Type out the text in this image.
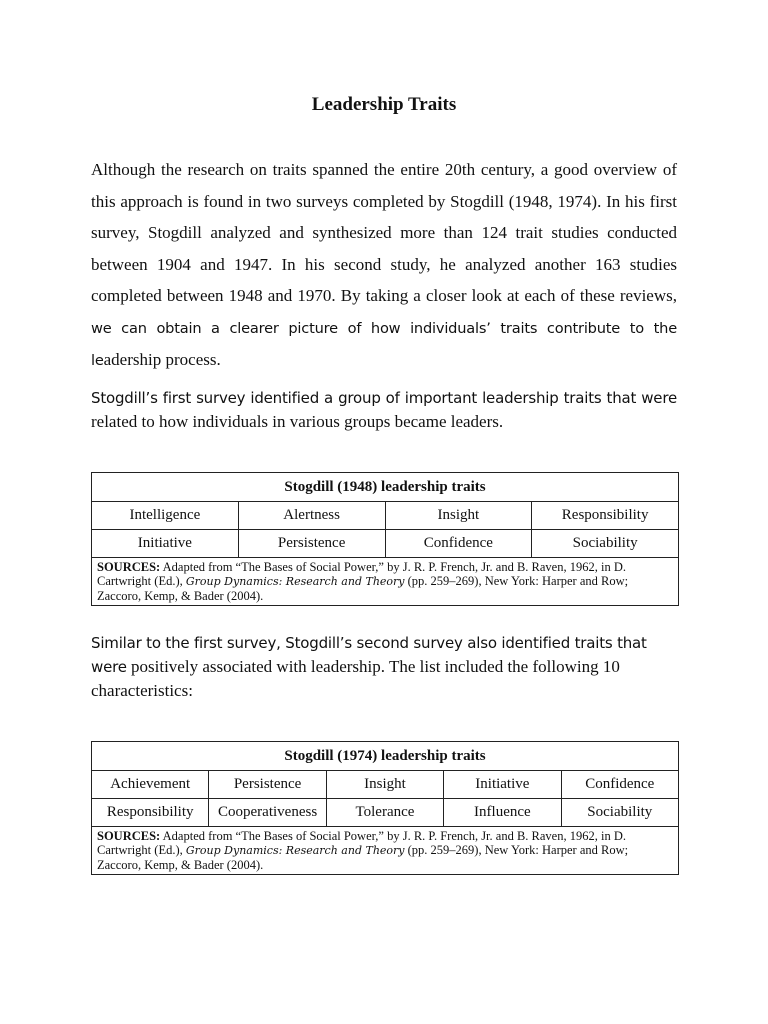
Leadership Traits
Although the research on traits spanned the entire 20th century, a good overview of this approach is found in two surveys completed by Stogdill (1948, 1974). In his first survey, Stogdill analyzed and synthesized more than 124 trait studies conducted between 1904 and 1947. In his second study, he analyzed another 163 studies completed between 1948 and 1970. By taking a closer look at each of these reviews, we can obtain a clearer picture of how individuals’ traits contribute to the leadership process.
Stogdill’s first survey identified a group of important leadership traits that were related to how individuals in various groups became leaders.
Stogdill (1948) leadership traits			
Intelligence	Alertness	Insight	Responsibility
Initiative	Persistence	Confidence	Sociability
SOURCES: Adapted from “The Bases of Social Power,” by J. R. P. French, Jr. and B. Raven, 1962, in D. Cartwright (Ed.), Group Dynamics: Research and Theory (pp. 259–269), New York: Harper and Row; Zaccoro, Kemp, & Bader (2004).			
Similar to the first survey, Stogdill’s second survey also identified traits that were positively associated with leadership. The list included the following 10 characteristics:
Stogdill (1974) leadership traits				
Achievement	Persistence	Insight	Initiative	Confidence
Responsibility	Cooperativeness	Tolerance	Influence	Sociability
SOURCES: Adapted from “The Bases of Social Power,” by J. R. P. French, Jr. and B. Raven, 1962, in D. Cartwright (Ed.), Group Dynamics: Research and Theory (pp. 259–269), New York: Harper and Row; Zaccoro, Kemp, & Bader (2004).				
